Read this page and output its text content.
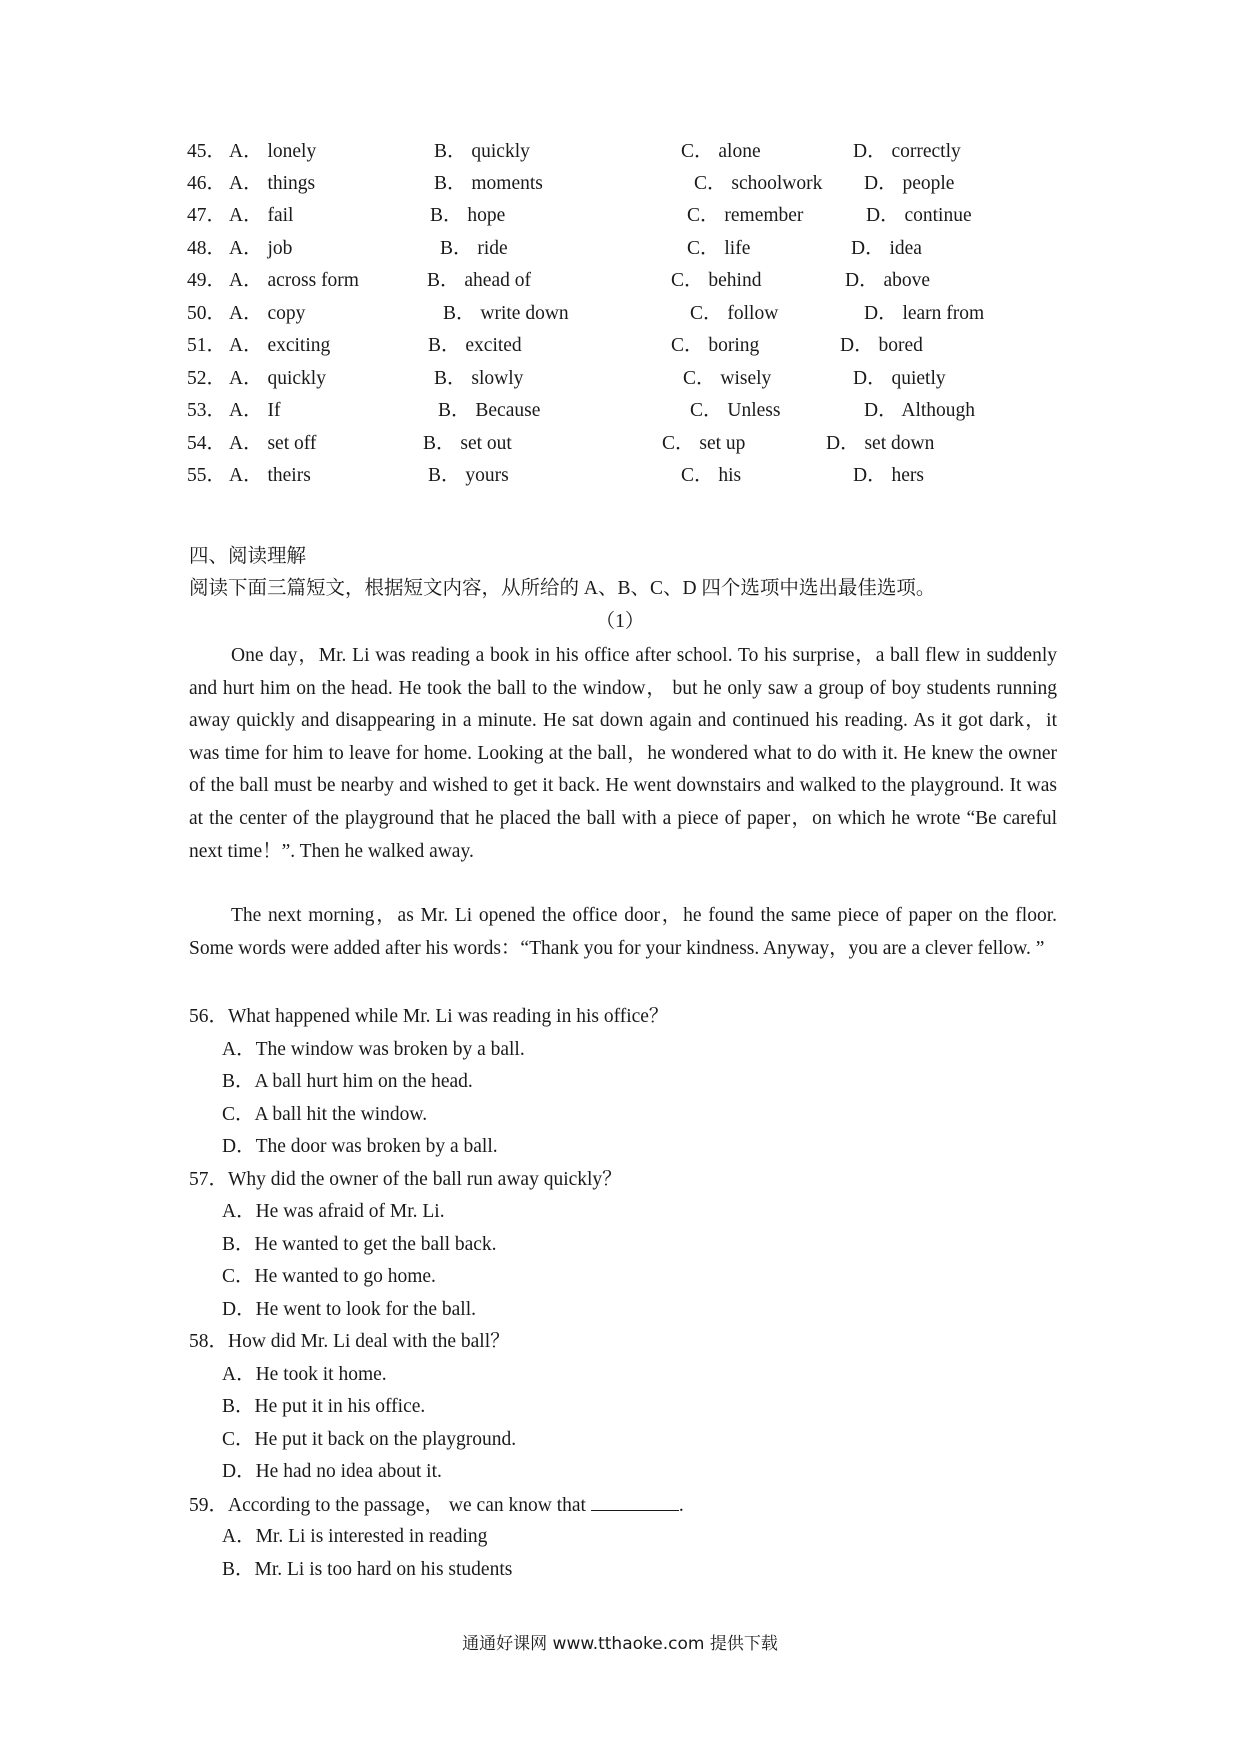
45． A． lonely	B． quickly	C． alone	D． correctly
46． A． things	B． moments	C． schoolwork D． people
47． A． fail	B． hope	C． remember	D． continue
48． A． job	B． ride	C． life	D． idea
49． A． across form	B． ahead of	C． behind	D． above
50． A． copy	B． write down	C． follow	D． learn from
51． A． exciting	B． excited	C． boring	D． bored
52． A． quickly	B． slowly	C． wisely	D． quietly
53． A． If	B． Because	C． Unless	D． Although
54． A． set off	B． set out	C． set up	D． set down
55． A． theirs	B． yours	C． his	D． hers
四、阅读理解
阅读下面三篇短文，根据短文内容，从所给的 A、B、C、D 四个选项中选出最佳选项。
（1）
One day，Mr. Li was reading a book in his office after school. To his surprise，a ball flew in suddenly and hurt him on the head. He took the ball to the window， but he only saw a group of boy students running away quickly and disappearing in a minute. He sat down again and continued his reading. As it got dark，it was time for him to leave for home. Looking at the ball，he wondered what to do with it. He knew the owner of the ball must be nearby and wished to get it back. He went downstairs and walked to the playground. It was at the center of the playground that he placed the ball with a piece of paper，on which he wrote “Be careful next time！”. Then he walked away.
The next morning，as Mr. Li opened the office door，he found the same piece of paper on the floor. Some words were added after his words：“Thank you for your kindness. Anyway，you are a clever fellow. ”
56．What happened while Mr. Li was reading in his office？
A．The window was broken by a ball.
B．A ball hurt him on the head.
C．A ball hit the window.
D．The door was broken by a ball.
57．Why did the owner of the ball run away quickly？
A．He was afraid of Mr. Li.
B．He wanted to get the ball back.
C．He wanted to go home.
D．He went to look for the ball.
58．How did Mr. Li deal with the ball？
A．He took it home.
B．He put it in his office.
C．He put it back on the playground.
D．He had no idea about it.
59．According to the passage， we can know that	.
A．Mr. Li is interested in reading
B．Mr. Li is too hard on his students
通通好课网 www.tthaoke.com 提供下载
